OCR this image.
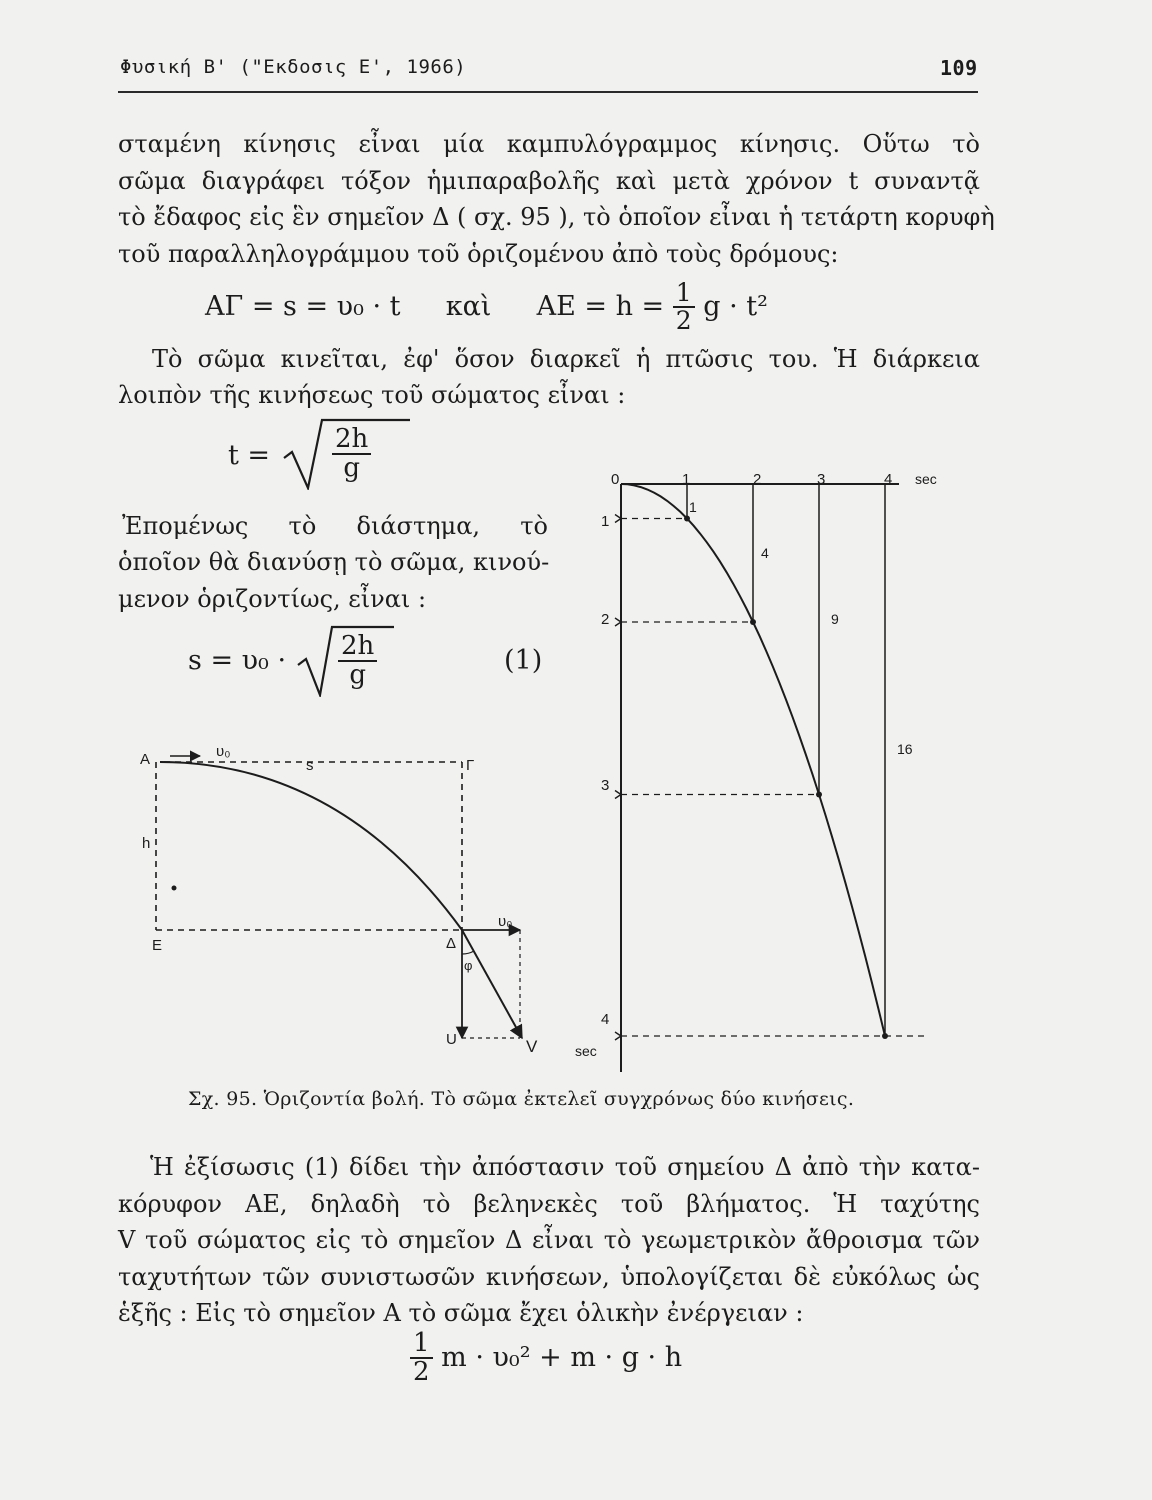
Φυσική Β' ("Εκδοσις Ε', 1966)	109
σταμένη κίνησις εἶναι μία καμπυλόγραμμος κίνησις. Οὕτω τὸ
σῶμα διαγράφει τόξον ἡμιπαραβολῆς καὶ μετὰ χρόνον t συναντᾷ
τὸ ἔδαφος εἰς ἓν σημεῖον Δ ( σχ. 95 ), τὸ ὁποῖον εἶναι ἡ τετάρτη κορυφὴ
τοῦ παραλληλογράμμου τοῦ ὁριζομένου ἀπὸ τοὺς δρόμους:
ΑΓ = s = υ₀ · t καὶ $AE = h = \frac{1}{2}$ g · t²
Τὸ σῶμα κινεῖται, ἐφ' ὅσον διαρκεῖ ἡ πτῶσις του. Ἡ διάρκεια
λοιπὸν τῆς κινήσεως τοῦ σώματος εἶναι :
$t = \frac{2h}{g}$
Ἐπομένως τὸ διάστημα, τὸ
ὁποῖον θὰ διανύσῃ τὸ σῶμα, κινού-
μενον ὁριζοντίως, εἶναι :
$s = \upsilon_0 \cdot \frac{2h}{g}$	(1)
A	υ₀
s	Γ
h
E	Δ
υ₀
φ
U	V
0	1	2	3	4 sec
1
2
3
4
sec
1
4
9
16
Σχ. 95. Ὁριζοντία βολή. Τὸ σῶμα ἐκτελεῖ συγχρόνως δύο κινήσεις.
Ἡ ἐξίσωσις (1) δίδει τὴν ἀπόστασιν τοῦ σημείου Δ ἀπὸ τὴν κατα-
κόρυφον ΑΕ, δηλαδὴ τὸ βεληνεκὲς τοῦ βλήματος. Ἡ ταχύτης
V τοῦ σώματος εἰς τὸ σημεῖον Δ εἶναι τὸ γεωμετρικὸν ἄθροισμα τῶν
ταχυτήτων τῶν συνιστωσῶν κινήσεων, ὑπολογίζεται δὲ εὐκόλως ὡς
ἑξῆς : Εἰς τὸ σημεῖον Α τὸ σῶμα ἔχει ὁλικὴν ἐνέργειαν :
$\frac{1}{2}$ m · υ₀² + m · g · h
